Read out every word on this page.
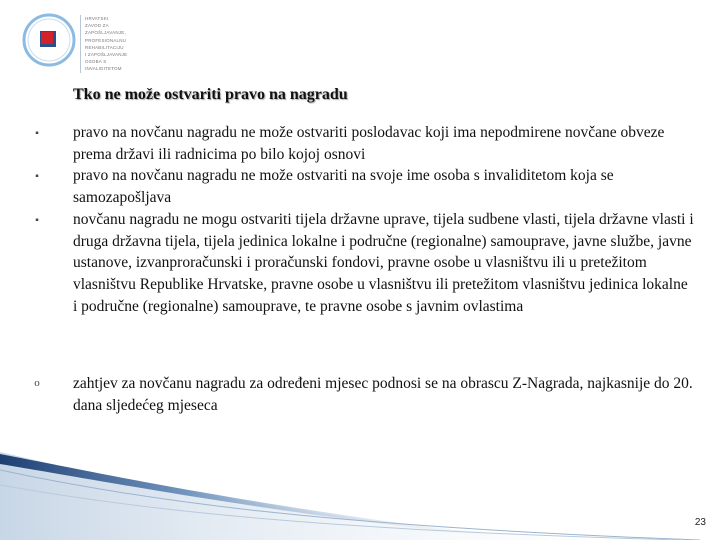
HRVATSKI
ZAVOD ZA
ZAPOŠLJAVANJE,
PROFESIONALNU
REHABILITACIJU
I ZAPOŠLJAVANJE
OSOBA S
INVALIDITETOM
Tko ne može ostvariti pravo na nagradu
▪	pravo na novčanu nagradu ne može ostvariti poslodavac koji ima nepodmirene novčane obveze prema državi ili radnicima po bilo kojoj osnovi
▪	pravo na novčanu nagradu ne može ostvariti na svoje ime osoba s invaliditetom koja se samozapošljava
▪	novčanu nagradu ne mogu ostvariti tijela državne uprave, tijela sudbene vlasti, tijela državne vlasti i druga državna tijela, tijela jedinica lokalne i područne (regionalne) samouprave, javne službe, javne ustanove, izvanproračunski i proračunski fondovi, pravne osobe u vlasništvu ili u pretežitom vlasništvu Republike Hrvatske, pravne osobe u vlasništvu ili pretežitom vlasništvu jedinica lokalne i područne (regionalne) samouprave, te pravne osobe s javnim ovlastima
o zahtjev za novčanu nagradu za određeni mjesec podnosi se na obrascu Z-Nagrada, najkasnije do 20. dana sljedećeg mjeseca
23
